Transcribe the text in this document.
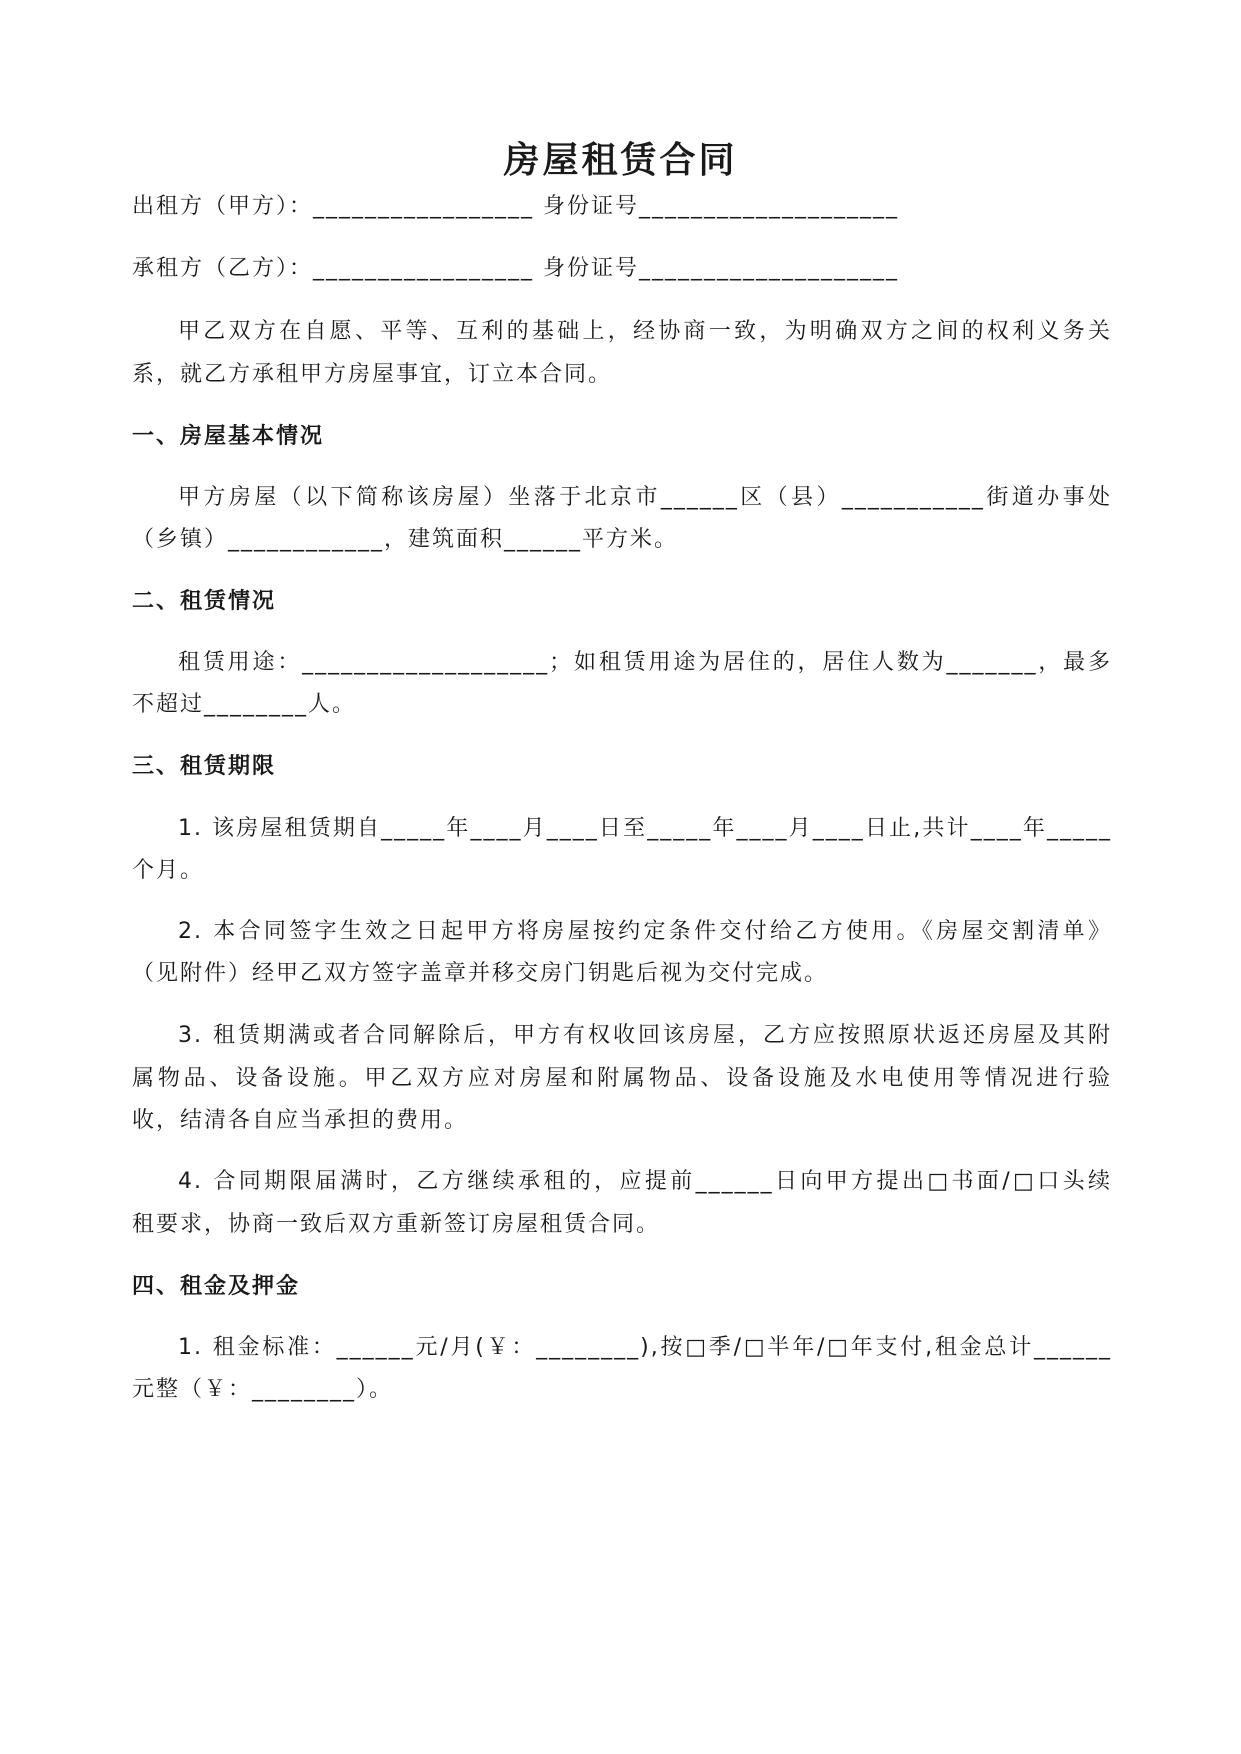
房屋租赁合同
出租方（甲方）：_________________ 身份证号____________________
承租方（乙方）：_________________ 身份证号____________________
甲乙双方在自愿、平等、互利的基础上，经协商一致，为明确双方之间的权利义务关
系，就乙方承租甲方房屋事宜，订立本合同。
一、房屋基本情况
甲方房屋（以下简称该房屋）坐落于北京市______区（县）___________街道办事处
（乡镇）____________，建筑面积______平方米。
二、租赁情况
租赁用途：___________________；如租赁用途为居住的，居住人数为_______，最多
不超过________人。
三、租赁期限
1. 该房屋租赁期自_____年____月____日至_____年____月____日止,共计____年_____
个月。
2. 本合同签字生效之日起甲方将房屋按约定条件交付给乙方使用。《房屋交割清单》
（见附件）经甲乙双方签字盖章并移交房门钥匙后视为交付完成。
3. 租赁期满或者合同解除后，甲方有权收回该房屋，乙方应按照原状返还房屋及其附
属物品、设备设施。甲乙双方应对房屋和附属物品、设备设施及水电使用等情况进行验
收，结清各自应当承担的费用。
4. 合同期限届满时，乙方继续承租的，应提前______日向甲方提出□书面/□口头续
租要求，协商一致后双方重新签订房屋租赁合同。
四、租金及押金
1. 租金标准：______元/月(￥：________),按□季/□半年/□年支付,租金总计______
元整（￥：________）。
